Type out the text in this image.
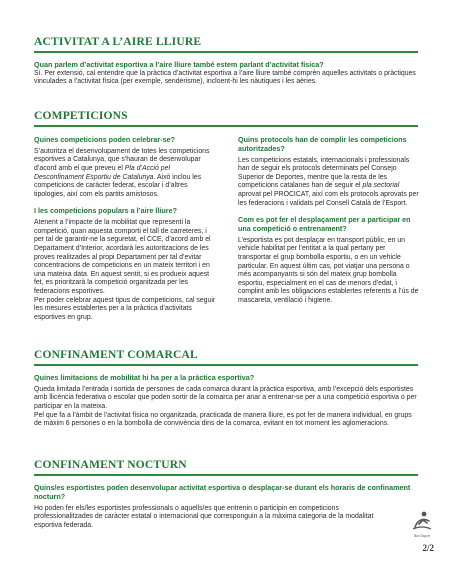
ACTIVITAT A L’AIRE LLIURE
Quan parlem d’activitat esportiva a l’aire lliure també estem parlant d’activitat física?

Sí. Per extensió, cal entendre que la pràctica d’activitat esportiva a l’aire lliure també comprèn aquelles activitats o pràctiques vinculades a l’activitat física (per exemple, senderisme), incloent-hi les nàutiques i les aèries.

COMPETICIONS
Quines competicions poden celebrar-se?

S’autoritza el desenvolupament de totes les competicions esportives a Catalunya, que s’hauran de desenvolupar d’acord amb el que preveu el Pla d’Acció pel Desconfinament Esportiu de Catalunya. Això inclou les competicions de caràcter federat, escolar i d’altres tipologies, així com els partits amistosos.

I les competicions populars a l’aire lliure?

Atenent a l’impacte de la mobilitat que representi la competició, quan aquesta comporti el tall de carreteres, i per tal de garantir-ne la seguretat, el CCE, d’acord amb el Departament d’Interior, acordarà les autoritzacions de les proves realitzades al propi Departament per tal d’evitar concentracions de competicions en un mateix territori i en una mateixa data. En aquest sentit, si es produeix aquest fet, es prioritzarà la competició organitzada per les federacions esportives.

Per poder celebrar aquest tipus de competicions, cal seguir les mesures establertes per a la pràctica d’activitats esportives en grup.

Quins protocols han de complir les competicions autoritzades?

Les competicions estatals, internacionals i professionals han de seguir els protocols determinats pel Consejo Superior de Deportes, mentre que la resta de les competicions catalanes han de seguir el pla sectorial aprovat pel PROCICAT, així com els protocols aprovats per les federacions i validats pel Consell Català de l’Esport.

Com es pot fer el desplaçament per a participar en una competició o entrenament?

L’esportista es pot desplaçar en transport públic, en un vehicle habilitat per l’entitat a la qual pertany per transportar el grup bombolla esportiu, o en un vehicle particular. En aquest últim cas, pot viatjar una persona o més acompanyants si són del mateix grup bombolla esportiu, especialment en el cas de menors d’edat, i complint amb les obligacions establertes referents a l’ús de mascareta, ventilació i higiene.

CONFINAMENT COMARCAL
Quines limitacions de mobilitat hi ha per a la pràctica esportiva?

Queda limitada l’entrada i sortida de persones de cada comarca durant la pràctica esportiva, amb l’excepció dels esportistes amb llicència federativa o escolar que poden sortir de la comarca per anar a entrenar-se per a una competició esportiva o per participar en la mateixa.

Pel que fa a l’àmbit de l’activitat física no organitzada, practicada de manera lliure, es pot fer de manera individual, en grups de màxim 6 persones o en la bombolla de convivència dins de la comarca, evitant en tot moment les aglomeracions.

CONFINAMENT NOCTURN
Quins/es esportistes poden desenvolupar activitat esportiva o desplaçar-se durant els horaris de confinament nocturn?

Ho poden fer els/les esportistes professionals o aquells/es que entrenin o participin en competicions professionalitzades de caràcter estatal o internacional que corresponguin a la màxima categoria de la modalitat esportiva federada.

Bon Esport
2/2
